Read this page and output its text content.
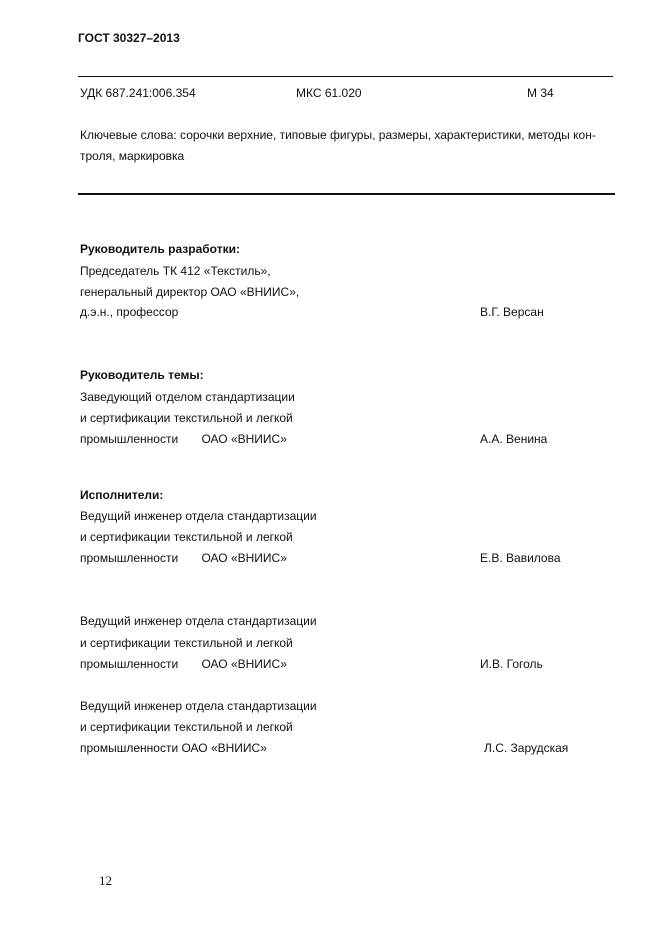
ГОСТ 30327–2013
УДК 687.241:006.354	МКС 61.020	М 34
Ключевые слова: сорочки верхние, типовые фигуры, размеры, характеристики, методы кон-
троля, маркировка
Руководитель разработки:
Председатель ТК 412 «Текстиль»,
генеральный директор ОАО «ВНИИС»,
д.э.н., профессор	В.Г. Версан
Руководитель темы:
Заведующий отделом стандартизации
и сертификации текстильной и легкой
промышленности       ОАО «ВНИИС»	А.А. Венина
Исполнители:
Ведущий инженер отдела стандартизации
и сертификации текстильной и легкой
промышленности       ОАО «ВНИИС»	Е.В. Вавилова
Ведущий инженер отдела стандартизации
и сертификации текстильной и легкой
промышленности       ОАО «ВНИИС»	И.В. Гоголь
Ведущий инженер отдела стандартизации
и сертификации текстильной и легкой
промышленности ОАО «ВНИИС»	Л.С. Зарудская
12
